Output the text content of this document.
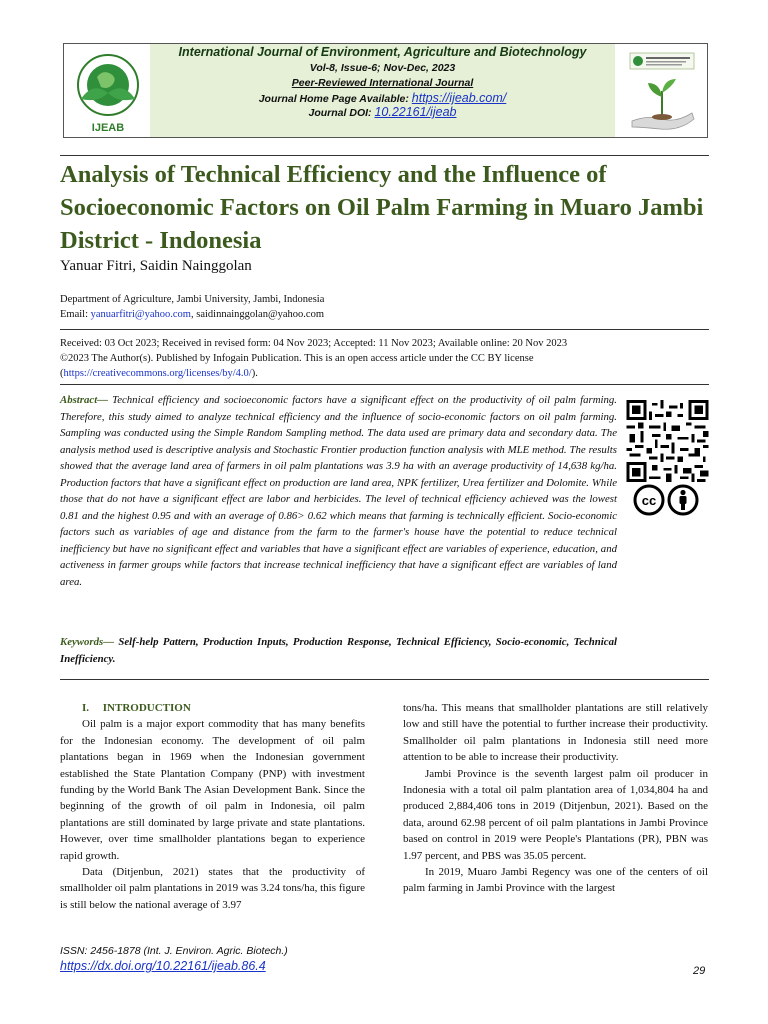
IJEAB
International Journal of Environment, Agriculture and Biotechnology
Vol-8, Issue-6; Nov-Dec, 2023
Peer-Reviewed International Journal
Journal Home Page Available: https://ijeab.com/
Journal DOI: 10.22161/ijeab
Analysis of Technical Efficiency and the Influence of Socioeconomic Factors on Oil Palm Farming in Muaro Jambi District - Indonesia
Yanuar Fitri, Saidin Nainggolan
Department of Agriculture, Jambi University, Jambi, Indonesia
Email: yanuarfitri@yahoo.com, saidinnainggolan@yahoo.com
Received: 03 Oct 2023; Received in revised form: 04 Nov 2023; Accepted: 11 Nov 2023; Available online: 20 Nov 2023
©2023 The Author(s). Published by Infogain Publication. This is an open access article under the CC BY license
(https://creativecommons.org/licenses/by/4.0/).

Abstract— Technical efficiency and socioeconomic factors have a significant effect on the productivity of oil palm farming. Therefore, this study aimed to analyze technical efficiency and the influence of socio-economic factors on oil palm farming. Sampling was conducted using the Simple Random Sampling method. The data used are primary data and secondary data. The analysis method used is descriptive analysis and Stochastic Frontier production function analysis with MLE method. The results showed that the average land area of farmers in oil palm plantations was 3.9 ha with an average productivity of 14,638 kg/ha. Production factors that have a significant effect on production are land area, NPK fertilizer, Urea fertilizer and Dolomite. While those that do not have a significant effect are labor and herbicides. The level of technical efficiency achieved was the lowest 0.81 and the highest 0.95 and with an average of 0.86> 0.62 which means that farming is technically efficient. Socio-economic factors such as variables of age and distance from the farm to the farmer's house have the potential to reduce technical inefficiency but have no significant effect and variables that have a significant effect are variables of experience, education, and activeness in farmer groups while factors that increase technical inefficiency that have a significant effect are variables of land area.

cc

Keywords— Self-help Pattern, Production Inputs, Production Response, Technical Efficiency, Socio-economic, Technical Inefficiency.

I.     INTRODUCTION

Oil palm is a major export commodity that has many benefits for the Indonesian economy. The development of oil palm plantations began in 1969 when the Indonesian government established the State Plantation Company (PNP) with investment funding by the World Bank The Asian Development Bank. Since the beginning of the growth of oil palm in Indonesia, oil palm plantations are still dominated by large private and state plantations. However, over time smallholder plantations began to experience rapid growth.

Data (Ditjenbun, 2021) states that the productivity of smallholder oil palm plantations in 2019 was 3.24 tons/ha, this figure is still below the national average of 3.97

tons/ha. This means that smallholder plantations are still relatively low and still have the potential to further increase their productivity. Smallholder oil palm plantations in Indonesia still need more attention to be able to increase their productivity.

Jambi Province is the seventh largest palm oil producer in Indonesia with a total oil palm plantation area of 1,034,804 ha and produced 2,884,406 tons in 2019 (Ditjenbun, 2021). Based on the data, around 62.98 percent of oil palm plantations in Jambi Province based on control in 2019 were People's Plantations (PR), PBN was 1.97 percent, and PBS was 35.05 percent.

In 2019, Muaro Jambi Regency was one of the centers of oil palm farming in Jambi Province with the largest

ISSN: 2456-1878 (Int. J. Environ. Agric. Biotech.)
https://dx.doi.org/10.22161/ijeab.86.4	29
